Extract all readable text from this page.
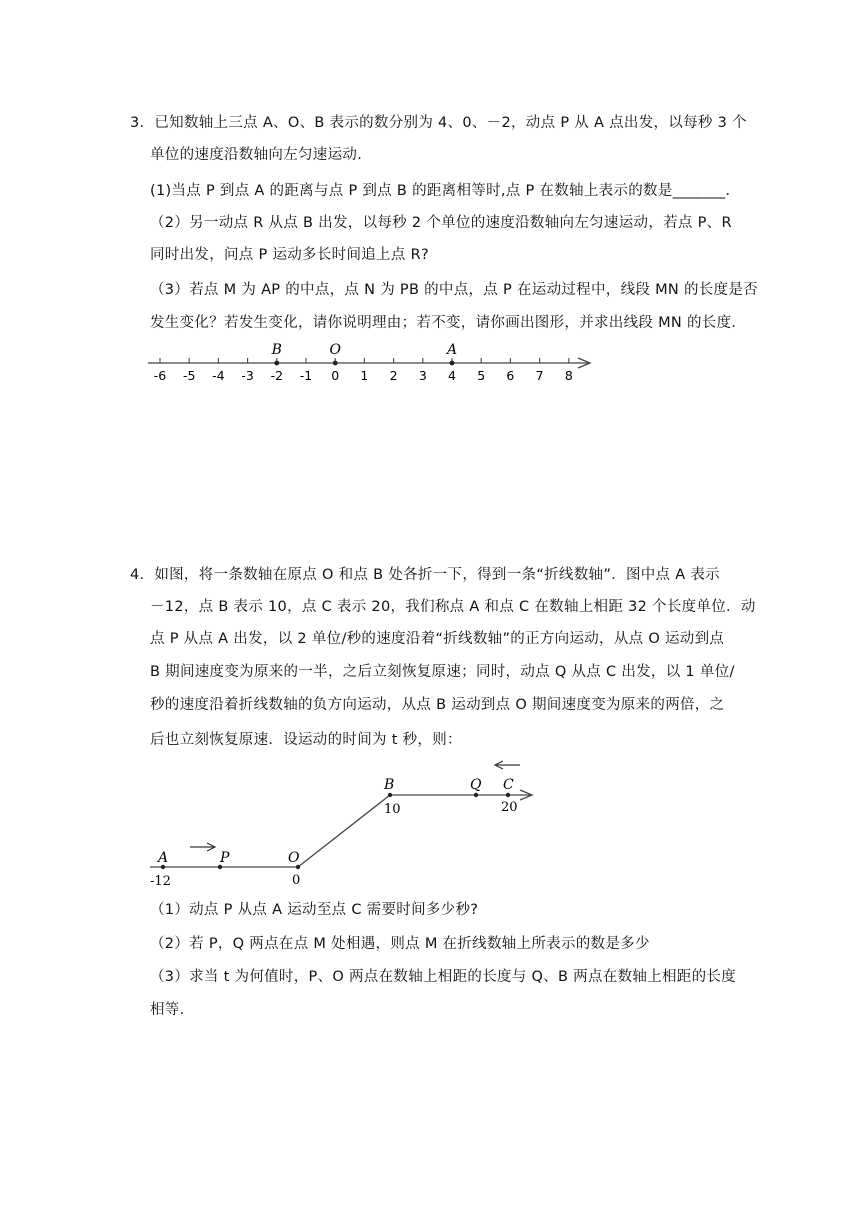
3．已知数轴上三点 A、O、B 表示的数分别为 4、0、－2，动点 P 从 A 点出发，以每秒 3 个
单位的速度沿数轴向左匀速运动．
(1)当点 P 到点 A 的距离与点 P 到点 B 的距离相等时,点 P 在数轴上表示的数是_______．
（2）另一动点 R 从点 B 出发，以每秒 2 个单位的速度沿数轴向左匀速运动，若点 P、R
同时出发，问点 P 运动多长时间追上点 R?
（3）若点 M 为 AP 的中点，点 N 为 PB 的中点，点 P 在运动过程中，线段 MN 的长度是否
发生变化？若发生变化，请你说明理由；若不变，请你画出图形，并求出线段 MN 的长度．
-6 -5 -4 -3 -2 -1 0 1 2 3 4 5 6 7 8
B	O	A
4．如图，将一条数轴在原点 O 和点 B 处各折一下，得到一条“折线数轴”．图中点 A 表示
－12，点 B 表示 10，点 C 表示 20，我们称点 A 和点 C 在数轴上相距 32 个长度单位．动
点 P 从点 A 出发，以 2 单位/秒的速度沿着“折线数轴”的正方向运动，从点 O 运动到点
B 期间速度变为原来的一半，之后立刻恢复原速；同时，动点 Q 从点 C 出发，以 1 单位/
秒的速度沿着折线数轴的负方向运动，从点 B 运动到点 O 期间速度变为原来的两倍，之
后也立刻恢复原速．设运动的时间为 t 秒，则：
A
-12
P	O
0
B
10
Q C
20
（1）动点 P 从点 A 运动至点 C 需要时间多少秒?
（2）若 P，Q 两点在点 M 处相遇，则点 M 在折线数轴上所表示的数是多少
（3）求当 t 为何值时，P、O 两点在数轴上相距的长度与 Q、B 两点在数轴上相距的长度
相等．
